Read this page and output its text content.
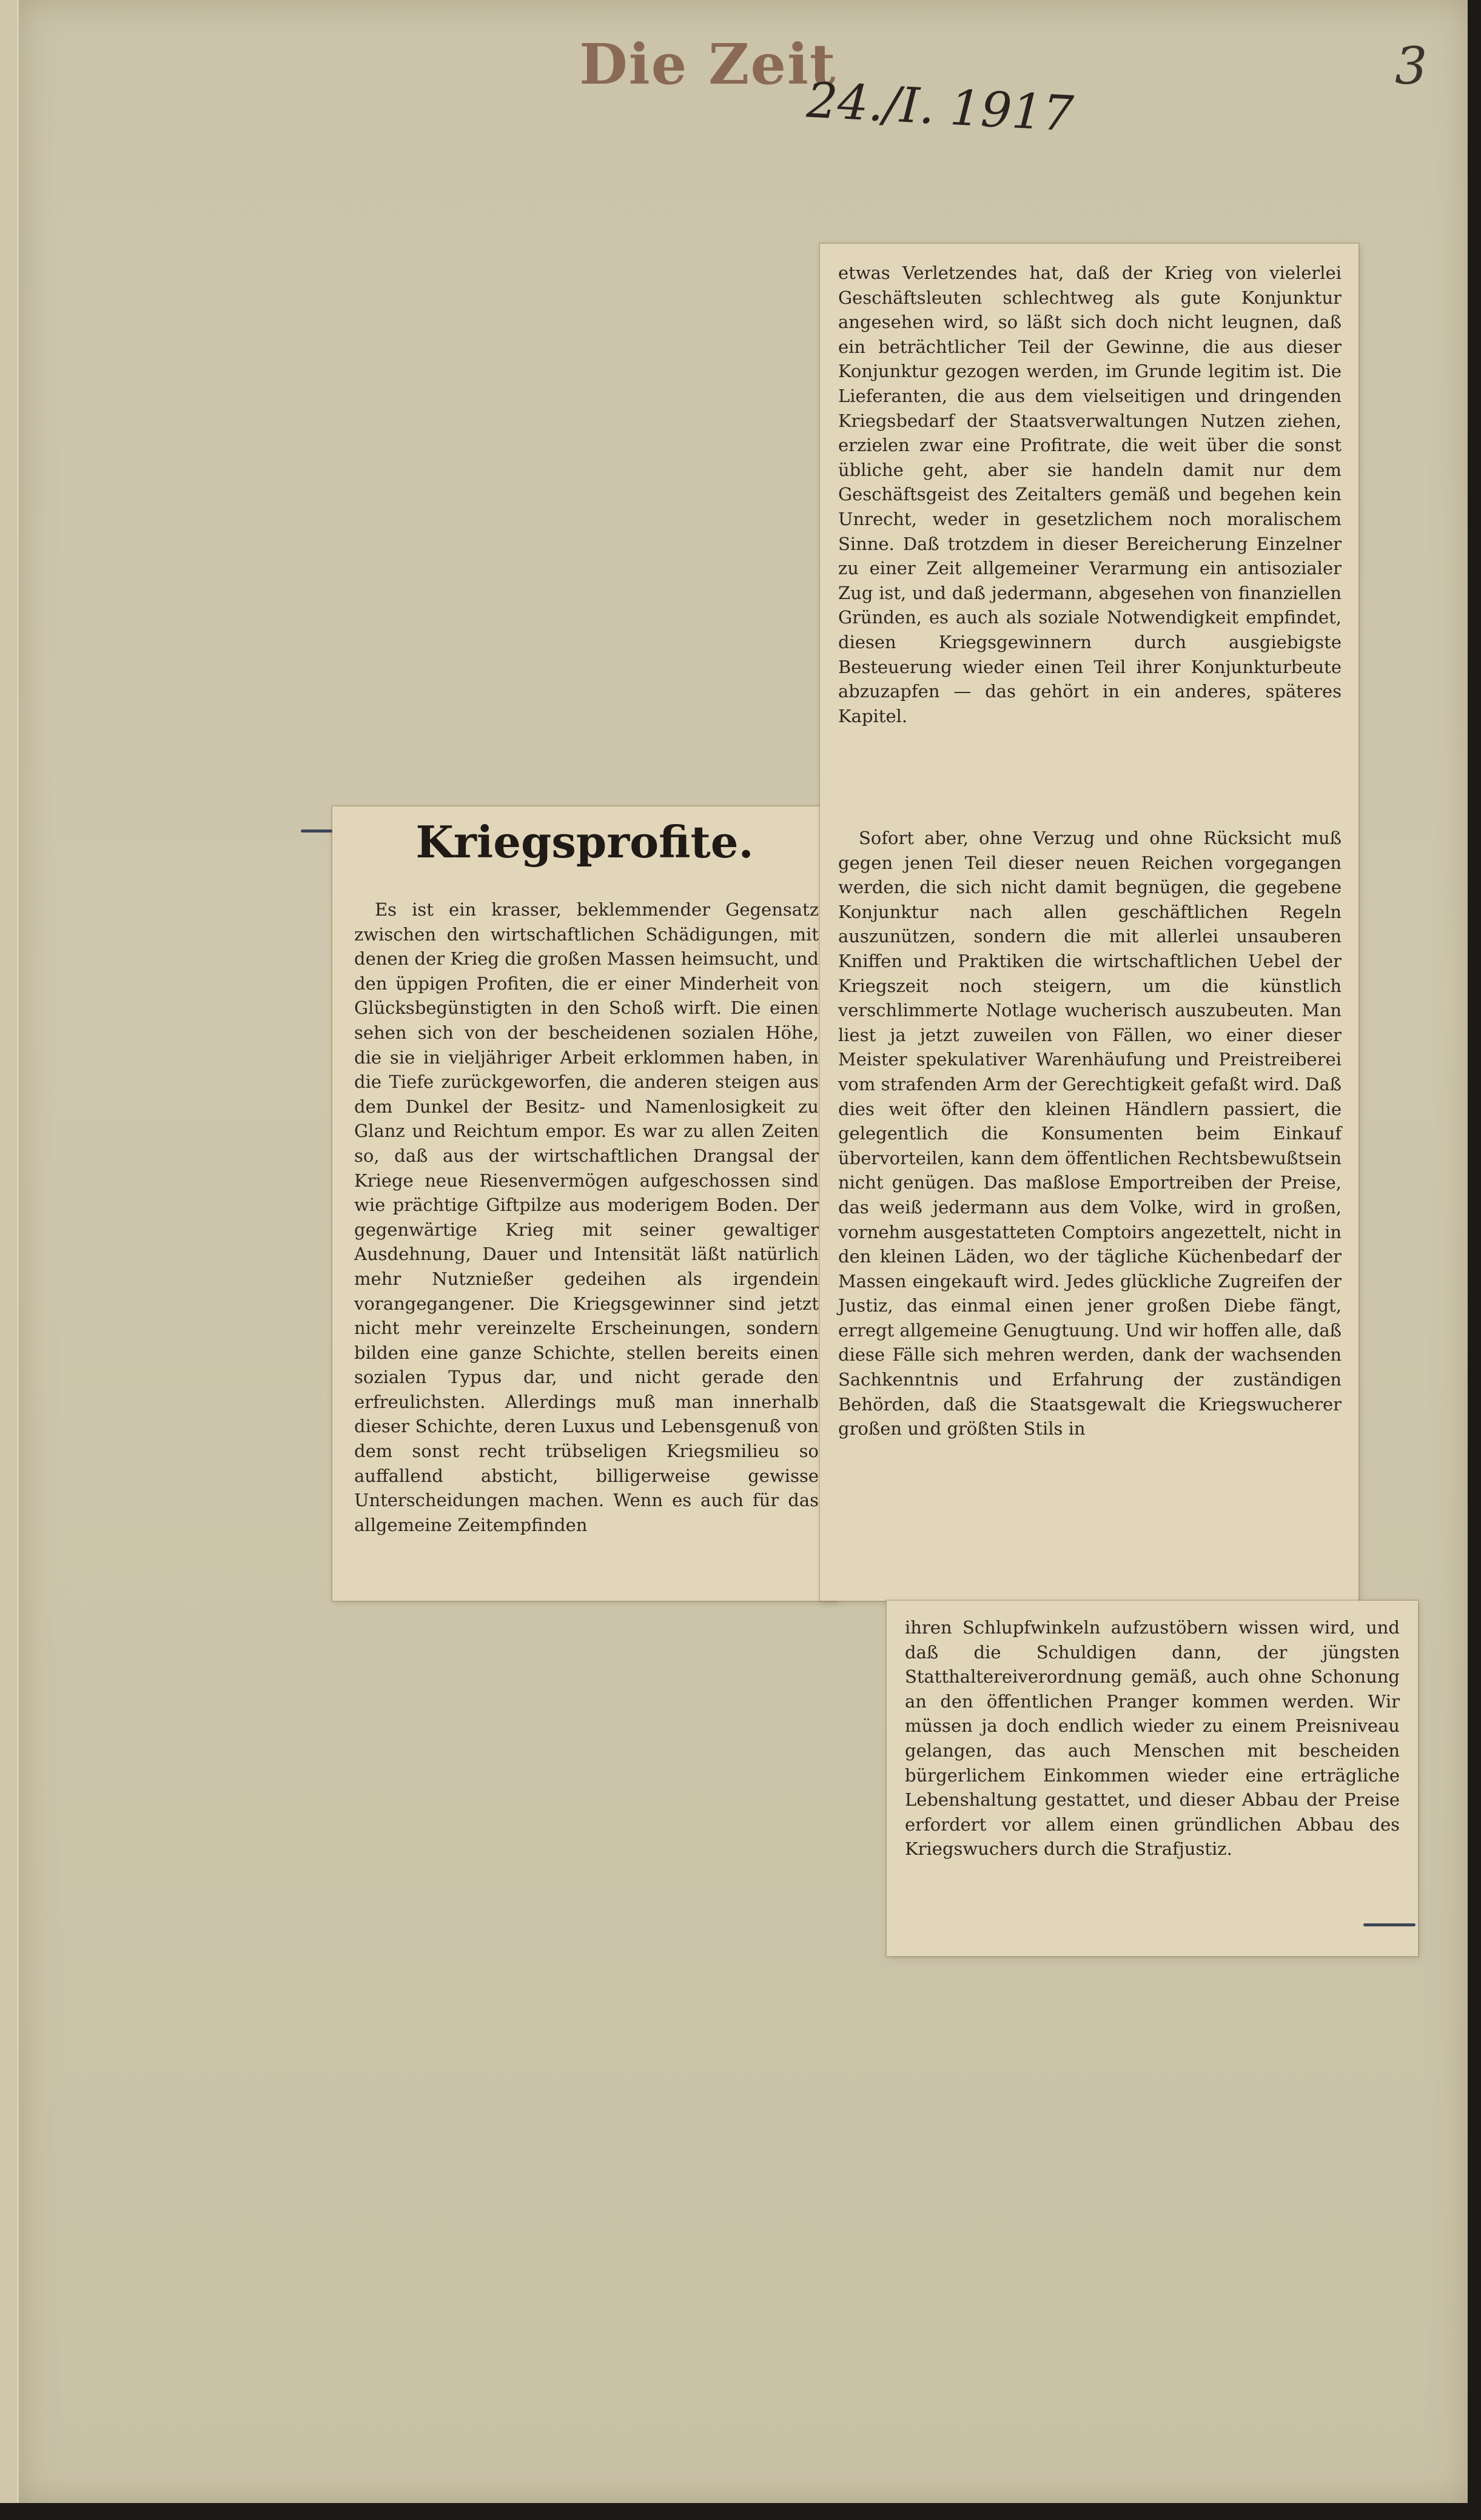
Die Zeit

24./I. 1917

3

Kriegsprofite.

Es ist ein krasser, beklemmender Gegensatz zwischen den wirtschaftlichen Schädigungen, mit denen der Krieg die großen Massen heimsucht, und den üppigen Profiten, die er einer Minderheit von Glücksbegünstigten in den Schoß wirft. Die einen sehen sich von der bescheidenen sozialen Höhe, die sie in vieljähriger Arbeit erklommen haben, in die Tiefe zurückgeworfen, die anderen steigen aus dem Dunkel der Besitz- und Namenlosigkeit zu Glanz und Reichtum empor. Es war zu allen Zeiten so, daß aus der wirtschaftlichen Drangsal der Kriege neue Riesenvermögen aufgeschossen sind wie prächtige Giftpilze aus moderigem Boden. Der gegenwärtige Krieg mit seiner gewaltiger Ausdehnung, Dauer und Intensität läßt natürlich mehr Nutznießer gedeihen als irgendein vorangegangener. Die Kriegsgewinner sind jetzt nicht mehr vereinzelte Erscheinungen, sondern bilden eine ganze Schichte, stellen bereits einen sozialen Typus dar, und nicht gerade den erfreulichsten. Allerdings muß man innerhalb dieser Schichte, deren Luxus und Lebensgenuß von dem sonst recht trübseligen Kriegsmilieu so auffallend absticht, billigerweise gewisse Unterscheidungen machen. Wenn es auch für das allgemeine Zeitempfinden

etwas Verletzendes hat, daß der Krieg von vielerlei Geschäftsleuten schlechtweg als gute Konjunktur angesehen wird, so läßt sich doch nicht leugnen, daß ein beträchtlicher Teil der Gewinne, die aus dieser Konjunktur gezogen werden, im Grunde legitim ist. Die Lieferanten, die aus dem vielseitigen und dringenden Kriegsbedarf der Staatsverwaltungen Nutzen ziehen, erzielen zwar eine Profitrate, die weit über die sonst übliche geht, aber sie handeln damit nur dem Geschäftsgeist des Zeitalters gemäß und begehen kein Unrecht, weder in gesetzlichem noch moralischem Sinne. Daß trotzdem in dieser Bereicherung Einzelner zu einer Zeit allgemeiner Verarmung ein antisozialer Zug ist, und daß jedermann, abgesehen von finanziellen Gründen, es auch als soziale Notwendigkeit empfindet, diesen Kriegsgewinnern durch ausgiebigste Besteuerung wieder einen Teil ihrer Konjunkturbeute abzuzapfen — das gehört in ein anderes, späteres Kapitel.

Sofort aber, ohne Verzug und ohne Rücksicht muß gegen jenen Teil dieser neuen Reichen vorgegangen werden, die sich nicht damit begnügen, die gegebene Konjunktur nach allen geschäftlichen Regeln auszunützen, sondern die mit allerlei unsauberen Kniffen und Praktiken die wirtschaftlichen Uebel der Kriegszeit noch steigern, um die künstlich verschlimmerte Notlage wucherisch auszubeuten. Man liest ja jetzt zuweilen von Fällen, wo einer dieser Meister spekulativer Warenhäufung und Preistreiberei vom strafenden Arm der Gerechtigkeit gefaßt wird. Daß dies weit öfter den kleinen Händlern passiert, die gelegentlich die Konsumenten beim Einkauf übervorteilen, kann dem öffentlichen Rechtsbewußtsein nicht genügen. Das maßlose Emportreiben der Preise, das weiß jedermann aus dem Volke, wird in großen, vornehm ausgestatteten Comptoirs angezettelt, nicht in den kleinen Läden, wo der tägliche Küchenbedarf der Massen eingekauft wird. Jedes glückliche Zugreifen der Justiz, das einmal einen jener großen Diebe fängt, erregt allgemeine Genugtuung. Und wir hoffen alle, daß diese Fälle sich mehren werden, dank der wachsenden Sachkenntnis und Erfahrung der zuständigen Behörden, daß die Staatsgewalt die Kriegswucherer großen und größten Stils in

ihren Schlupfwinkeln aufzustöbern wissen wird, und daß die Schuldigen dann, der jüngsten Statthaltereiverordnung gemäß, auch ohne Schonung an den öffentlichen Pranger kommen werden. Wir müssen ja doch endlich wieder zu einem Preisniveau gelangen, das auch Menschen mit bescheiden bürgerlichem Einkommen wieder eine erträgliche Lebenshaltung gestattet, und dieser Abbau der Preise erfordert vor allem einen gründlichen Abbau des Kriegswuchers durch die Strafjustiz.
